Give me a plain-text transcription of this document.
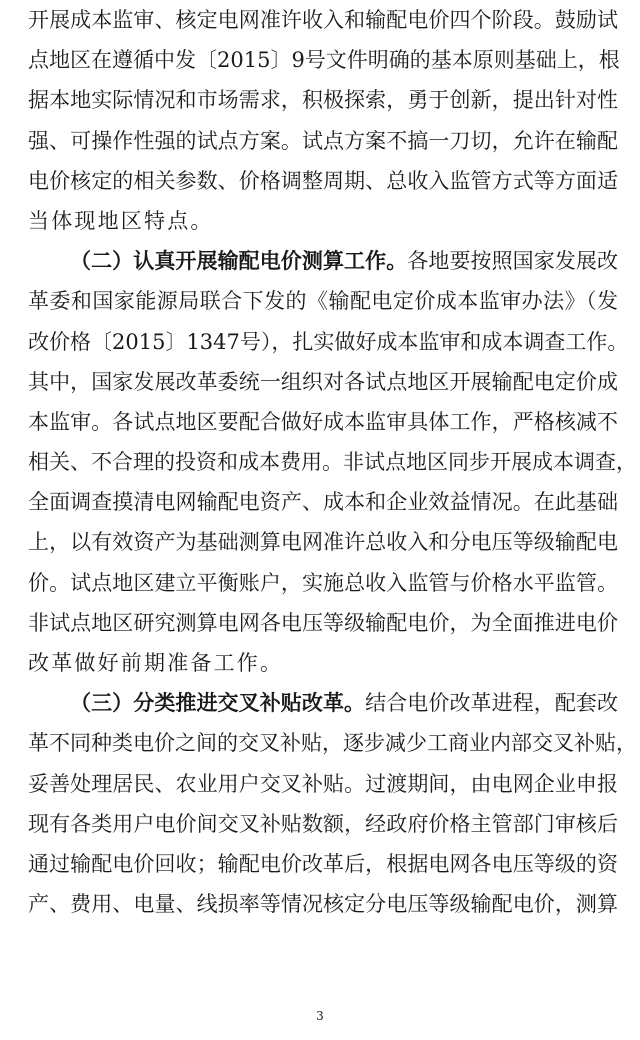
开展成本监审、核定电网准许收入和输配电价四个阶段。鼓励试
点地区在遵循中发〔2015〕9号文件明确的基本原则基础上，根
据本地实际情况和市场需求，积极探索，勇于创新，提出针对性
强、可操作性强的试点方案。试点方案不搞一刀切，允许在输配
电价核定的相关参数、价格调整周期、总收入监管方式等方面适
当体现地区特点。
（二）认真开展输配电价测算工作。各地要按照国家发展改
革委和国家能源局联合下发的《输配电定价成本监审办法》（发
改价格〔2015〕1347号），扎实做好成本监审和成本调查工作。
其中，国家发展改革委统一组织对各试点地区开展输配电定价成
本监审。各试点地区要配合做好成本监审具体工作，严格核减不
相关、不合理的投资和成本费用。非试点地区同步开展成本调查，
全面调查摸清电网输配电资产、成本和企业效益情况。在此基础
上，以有效资产为基础测算电网准许总收入和分电压等级输配电
价。试点地区建立平衡账户，实施总收入监管与价格水平监管。
非试点地区研究测算电网各电压等级输配电价，为全面推进电价
改革做好前期准备工作。
（三）分类推进交叉补贴改革。结合电价改革进程，配套改
革不同种类电价之间的交叉补贴，逐步减少工商业内部交叉补贴，
妥善处理居民、农业用户交叉补贴。过渡期间，由电网企业申报
现有各类用户电价间交叉补贴数额，经政府价格主管部门审核后
通过输配电价回收；输配电价改革后，根据电网各电压等级的资
产、费用、电量、线损率等情况核定分电压等级输配电价，测算
3
